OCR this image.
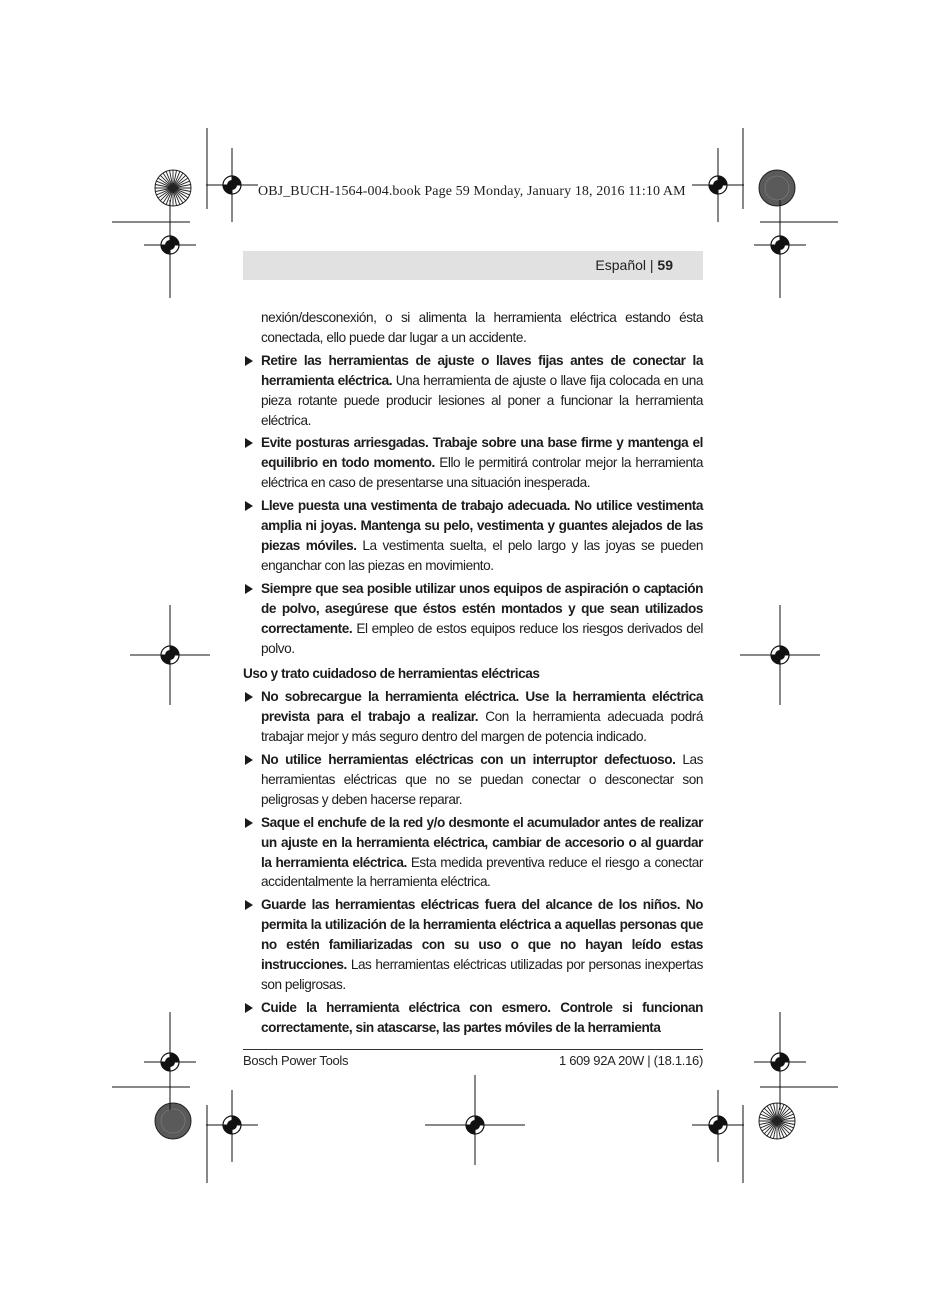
OBJ_BUCH-1564-004.book Page 59 Monday, January 18, 2016 11:10 AM
Español | 59

nexión/desconexión, o si alimenta la herramienta eléctrica estando ésta conectada, ello puede dar lugar a un accidente.

Retire las herramientas de ajuste o llaves fijas antes de conectar la herramienta eléctrica. Una herramienta de ajuste o llave fija colocada en una pieza rotante puede producir lesiones al poner a funcionar la herramienta eléctrica.

Evite posturas arriesgadas. Trabaje sobre una base firme y mantenga el equilibrio en todo momento. Ello le permitirá controlar mejor la herramienta eléctrica en caso de presentarse una situación inesperada.

Lleve puesta una vestimenta de trabajo adecuada. No utilice vestimenta amplia ni joyas. Mantenga su pelo, vestimenta y guantes alejados de las piezas móviles. La vestimenta suelta, el pelo largo y las joyas se pueden enganchar con las piezas en movimiento.

Siempre que sea posible utilizar unos equipos de aspiración o captación de polvo, asegúrese que éstos estén montados y que sean utilizados correctamente. El empleo de estos equipos reduce los riesgos derivados del polvo.

Uso y trato cuidadoso de herramientas eléctricas

No sobrecargue la herramienta eléctrica. Use la herramienta eléctrica prevista para el trabajo a realizar. Con la herramienta adecuada podrá trabajar mejor y más seguro dentro del margen de potencia indicado.

No utilice herramientas eléctricas con un interruptor defectuoso. Las herramientas eléctricas que no se puedan conectar o desconectar son peligrosas y deben hacerse reparar.

Saque el enchufe de la red y/o desmonte el acumulador antes de realizar un ajuste en la herramienta eléctrica, cambiar de accesorio o al guardar la herramienta eléctrica. Esta medida preventiva reduce el riesgo a conectar accidentalmente la herramienta eléctrica.

Guarde las herramientas eléctricas fuera del alcance de los niños. No permita la utilización de la herramienta eléctrica a aquellas personas que no estén familiarizadas con su uso o que no hayan leído estas instrucciones. Las herramientas eléctricas utilizadas por personas inexpertas son peligrosas.

Cuide la herramienta eléctrica con esmero. Controle si funcionan correctamente, sin atascarse, las partes móviles de la herramienta

Bosch Power Tools	1 609 92A 20W | (18.1.16)
